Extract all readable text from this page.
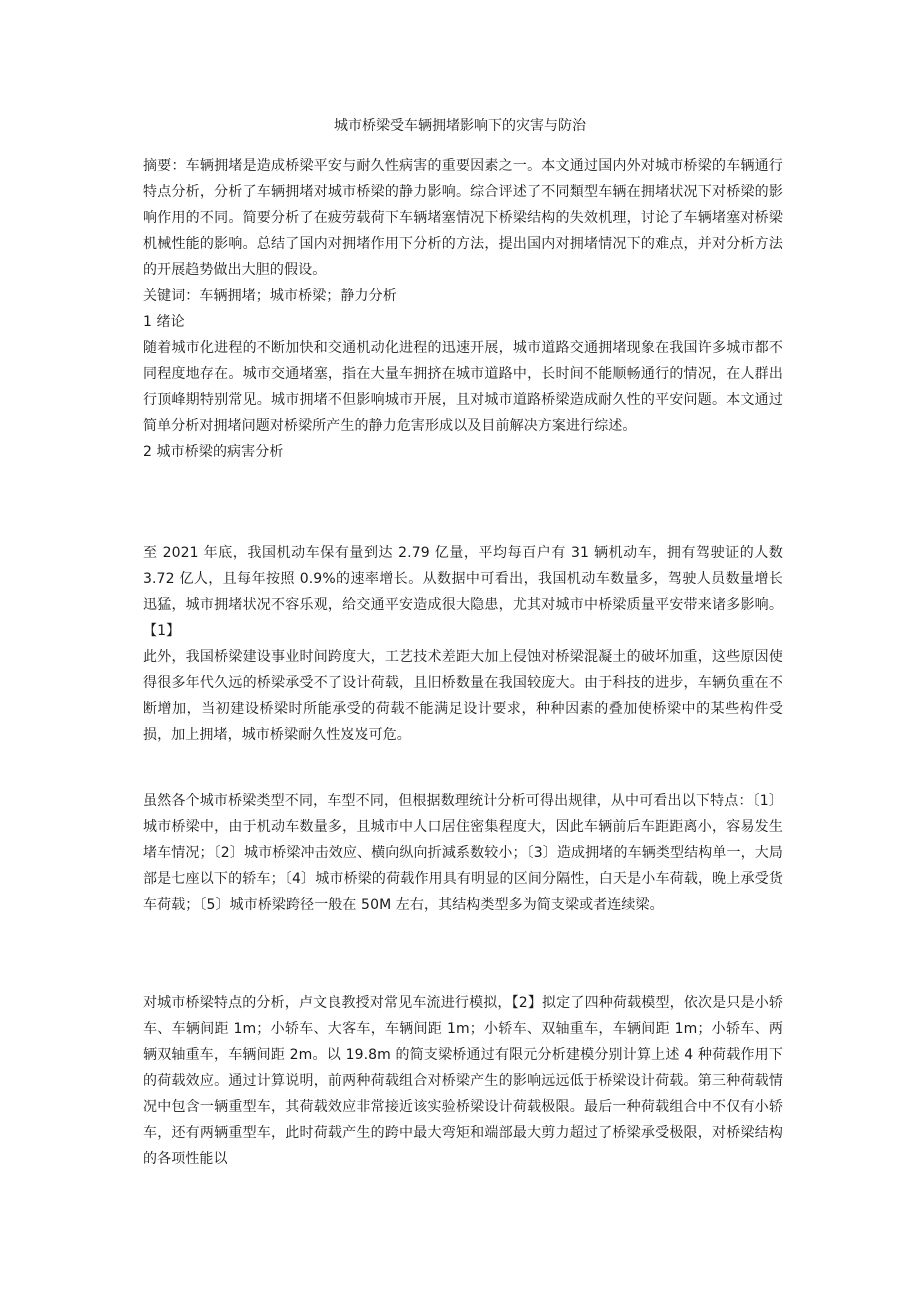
城市桥梁受车辆拥堵影响下的灾害与防治

摘要：车辆拥堵是造成桥梁平安与耐久性病害的重要因素之一。本文通过国内外对城市桥梁的车辆通行特点分析，分析了车辆拥堵对城市桥梁的静力影响。综合评述了不同類型车辆在拥堵状况下对桥梁的影响作用的不同。简要分析了在疲劳载荷下车辆堵塞情况下桥梁结构的失效机理，讨论了车辆堵塞对桥梁机械性能的影响。总结了国内对拥堵作用下分析的方法，提出国内对拥堵情况下的难点，并对分析方法的开展趋势做出大胆的假设。

关键词：车辆拥堵；城市桥梁；静力分析

1 绪论

随着城市化进程的不断加快和交通机动化进程的迅速开展，城市道路交通拥堵现象在我国许多城市都不同程度地存在。城市交通堵塞，指在大量车拥挤在城市道路中，长时间不能顺畅通行的情况，在人群出行顶峰期特别常见。城市拥堵不但影响城市开展，且对城市道路桥梁造成耐久性的平安问题。本文通过简单分析对拥堵问题对桥梁所产生的静力危害形成以及目前解决方案进行综述。

2 城市桥梁的病害分析

至 2021 年底，我国机动车保有量到达 2.79 亿量，平均每百户有 31 辆机动车，拥有驾驶证的人数 3.72 亿人，且每年按照 0.9%的速率增长。从数据中可看出，我国机动车数量多，驾驶人员数量增长迅猛，城市拥堵状况不容乐观，给交通平安造成很大隐患，尤其对城市中桥梁质量平安带来诸多影响。【1】

此外，我国桥梁建设事业时间跨度大，工艺技术差距大加上侵蚀对桥梁混凝土的破坏加重，这些原因使得很多年代久远的桥梁承受不了设计荷载，且旧桥数量在我国较庞大。由于科技的进步，车辆负重在不断增加，当初建设桥梁时所能承受的荷载不能满足设计要求，种种因素的叠加使桥梁中的某些构件受损，加上拥堵，城市桥梁耐久性岌岌可危。

虽然各个城市桥梁类型不同，车型不同，但根据数理统计分析可得出规律，从中可看出以下特点：〔1〕城市桥梁中，由于机动车数量多，且城市中人口居住密集程度大，因此车辆前后车距距离小，容易发生堵车情况；〔2〕城市桥梁冲击效应、横向纵向折減系数较小；〔3〕造成拥堵的车辆类型结构单一，大局部是七座以下的轿车；〔4〕城市桥梁的荷载作用具有明显的区间分隔性，白天是小车荷载，晚上承受货车荷载；〔5〕城市桥梁跨径一般在 50M 左右，其结构类型多为简支梁或者连续梁。

对城市桥梁特点的分析，卢文良教授对常见车流进行模拟，【2】拟定了四种荷载模型，依次是只是小轿车、车辆间距 1m；小轿车、大客车，车辆间距 1m；小轿车、双轴重车，车辆间距 1m；小轿车、两辆双轴重车，车辆间距 2m。以 19.8m 的简支梁桥通过有限元分析建模分别计算上述 4 种荷载作用下的荷载效应。通过计算说明，前两种荷载组合对桥梁产生的影响远远低于桥梁设计荷载。第三种荷载情况中包含一辆重型车，其荷载效应非常接近该实验桥梁设计荷载极限。最后一种荷载组合中不仅有小轿车，还有两辆重型车，此时荷载产生的跨中最大弯矩和端部最大剪力超过了桥梁承受极限，对桥梁结构的各项性能以
